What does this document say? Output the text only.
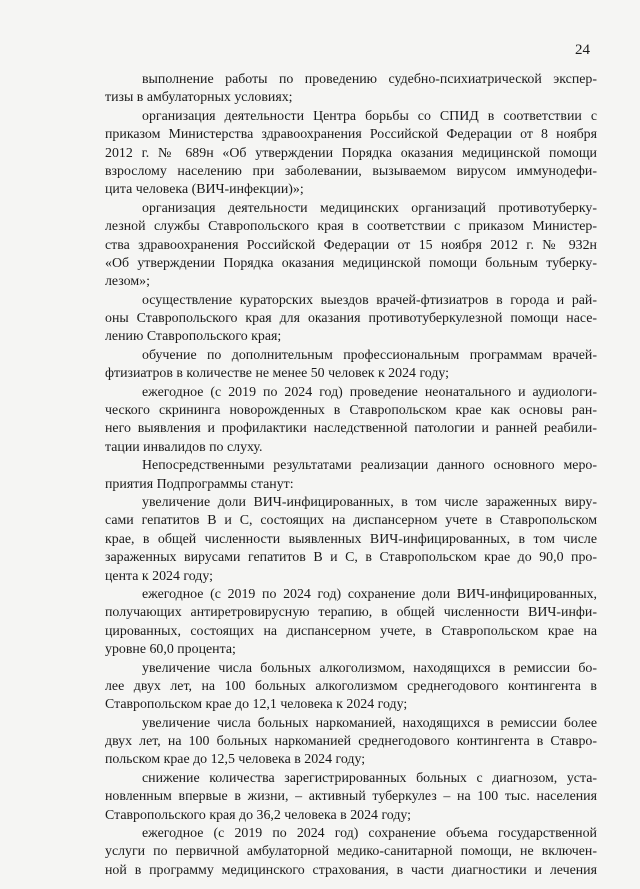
24
выполнение работы по проведению судебно-психиатрической экспер-
тизы в амбулаторных условиях;
организация деятельности Центра борьбы со СПИД в соответствии с
приказом Министерства здравоохранения Российской Федерации от 8 ноября
2012 г. № 689н «Об утверждении Порядка оказания медицинской помощи
взрослому населению при заболевании, вызываемом вирусом иммунодефи-
цита человека (ВИЧ-инфекции)»;
организация деятельности медицинских организаций противотуберку-
лезной службы Ставропольского края в соответствии с приказом Министер-
ства здравоохранения Российской Федерации от 15 ноября 2012 г. № 932н
«Об утверждении Порядка оказания медицинской помощи больным туберку-
лезом»;
осуществление кураторских выездов врачей-фтизиатров в города и рай-
оны Ставропольского края для оказания противотуберкулезной помощи насе-
лению Ставропольского края;
обучение по дополнительным профессиональным программам врачей-
фтизиатров в количестве не менее 50 человек к 2024 году;
ежегодное (с 2019 по 2024 год) проведение неонатального и аудиологи-
ческого скрининга новорожденных в Ставропольском крае как основы ран-
него выявления и профилактики наследственной патологии и ранней реабили-
тации инвалидов по слуху.
Непосредственными результатами реализации данного основного меро-
приятия Подпрограммы станут:
увеличение доли ВИЧ-инфицированных, в том числе зараженных виру-
сами гепатитов В и С, состоящих на диспансерном учете в Ставропольском
крае, в общей численности выявленных ВИЧ-инфицированных, в том числе
зараженных вирусами гепатитов В и С, в Ставропольском крае до 90,0 про-
цента к 2024 году;
ежегодное (с 2019 по 2024 год) сохранение доли ВИЧ-инфицированных,
получающих антиретровирусную терапию, в общей численности ВИЧ-инфи-
цированных, состоящих на диспансерном учете, в Ставропольском крае на
уровне 60,0 процента;
увеличение числа больных алкоголизмом, находящихся в ремиссии бо-
лее двух лет, на 100 больных алкоголизмом среднегодового контингента в
Ставропольском крае до 12,1 человека к 2024 году;
увеличение числа больных наркоманией, находящихся в ремиссии более
двух лет, на 100 больных наркоманией среднегодового контингента в Ставро-
польском крае до 12,5 человека в 2024 году;
снижение количества зарегистрированных больных с диагнозом, уста-
новленным впервые в жизни, – активный туберкулез – на 100 тыс. населения
Ставропольского края до 36,2 человека в 2024 году;
ежегодное (с 2019 по 2024 год) сохранение объема государственной
услуги по первичной амбулаторной медико-санитарной помощи, не включен-
ной в программу медицинского страхования, в части диагностики и лечения
